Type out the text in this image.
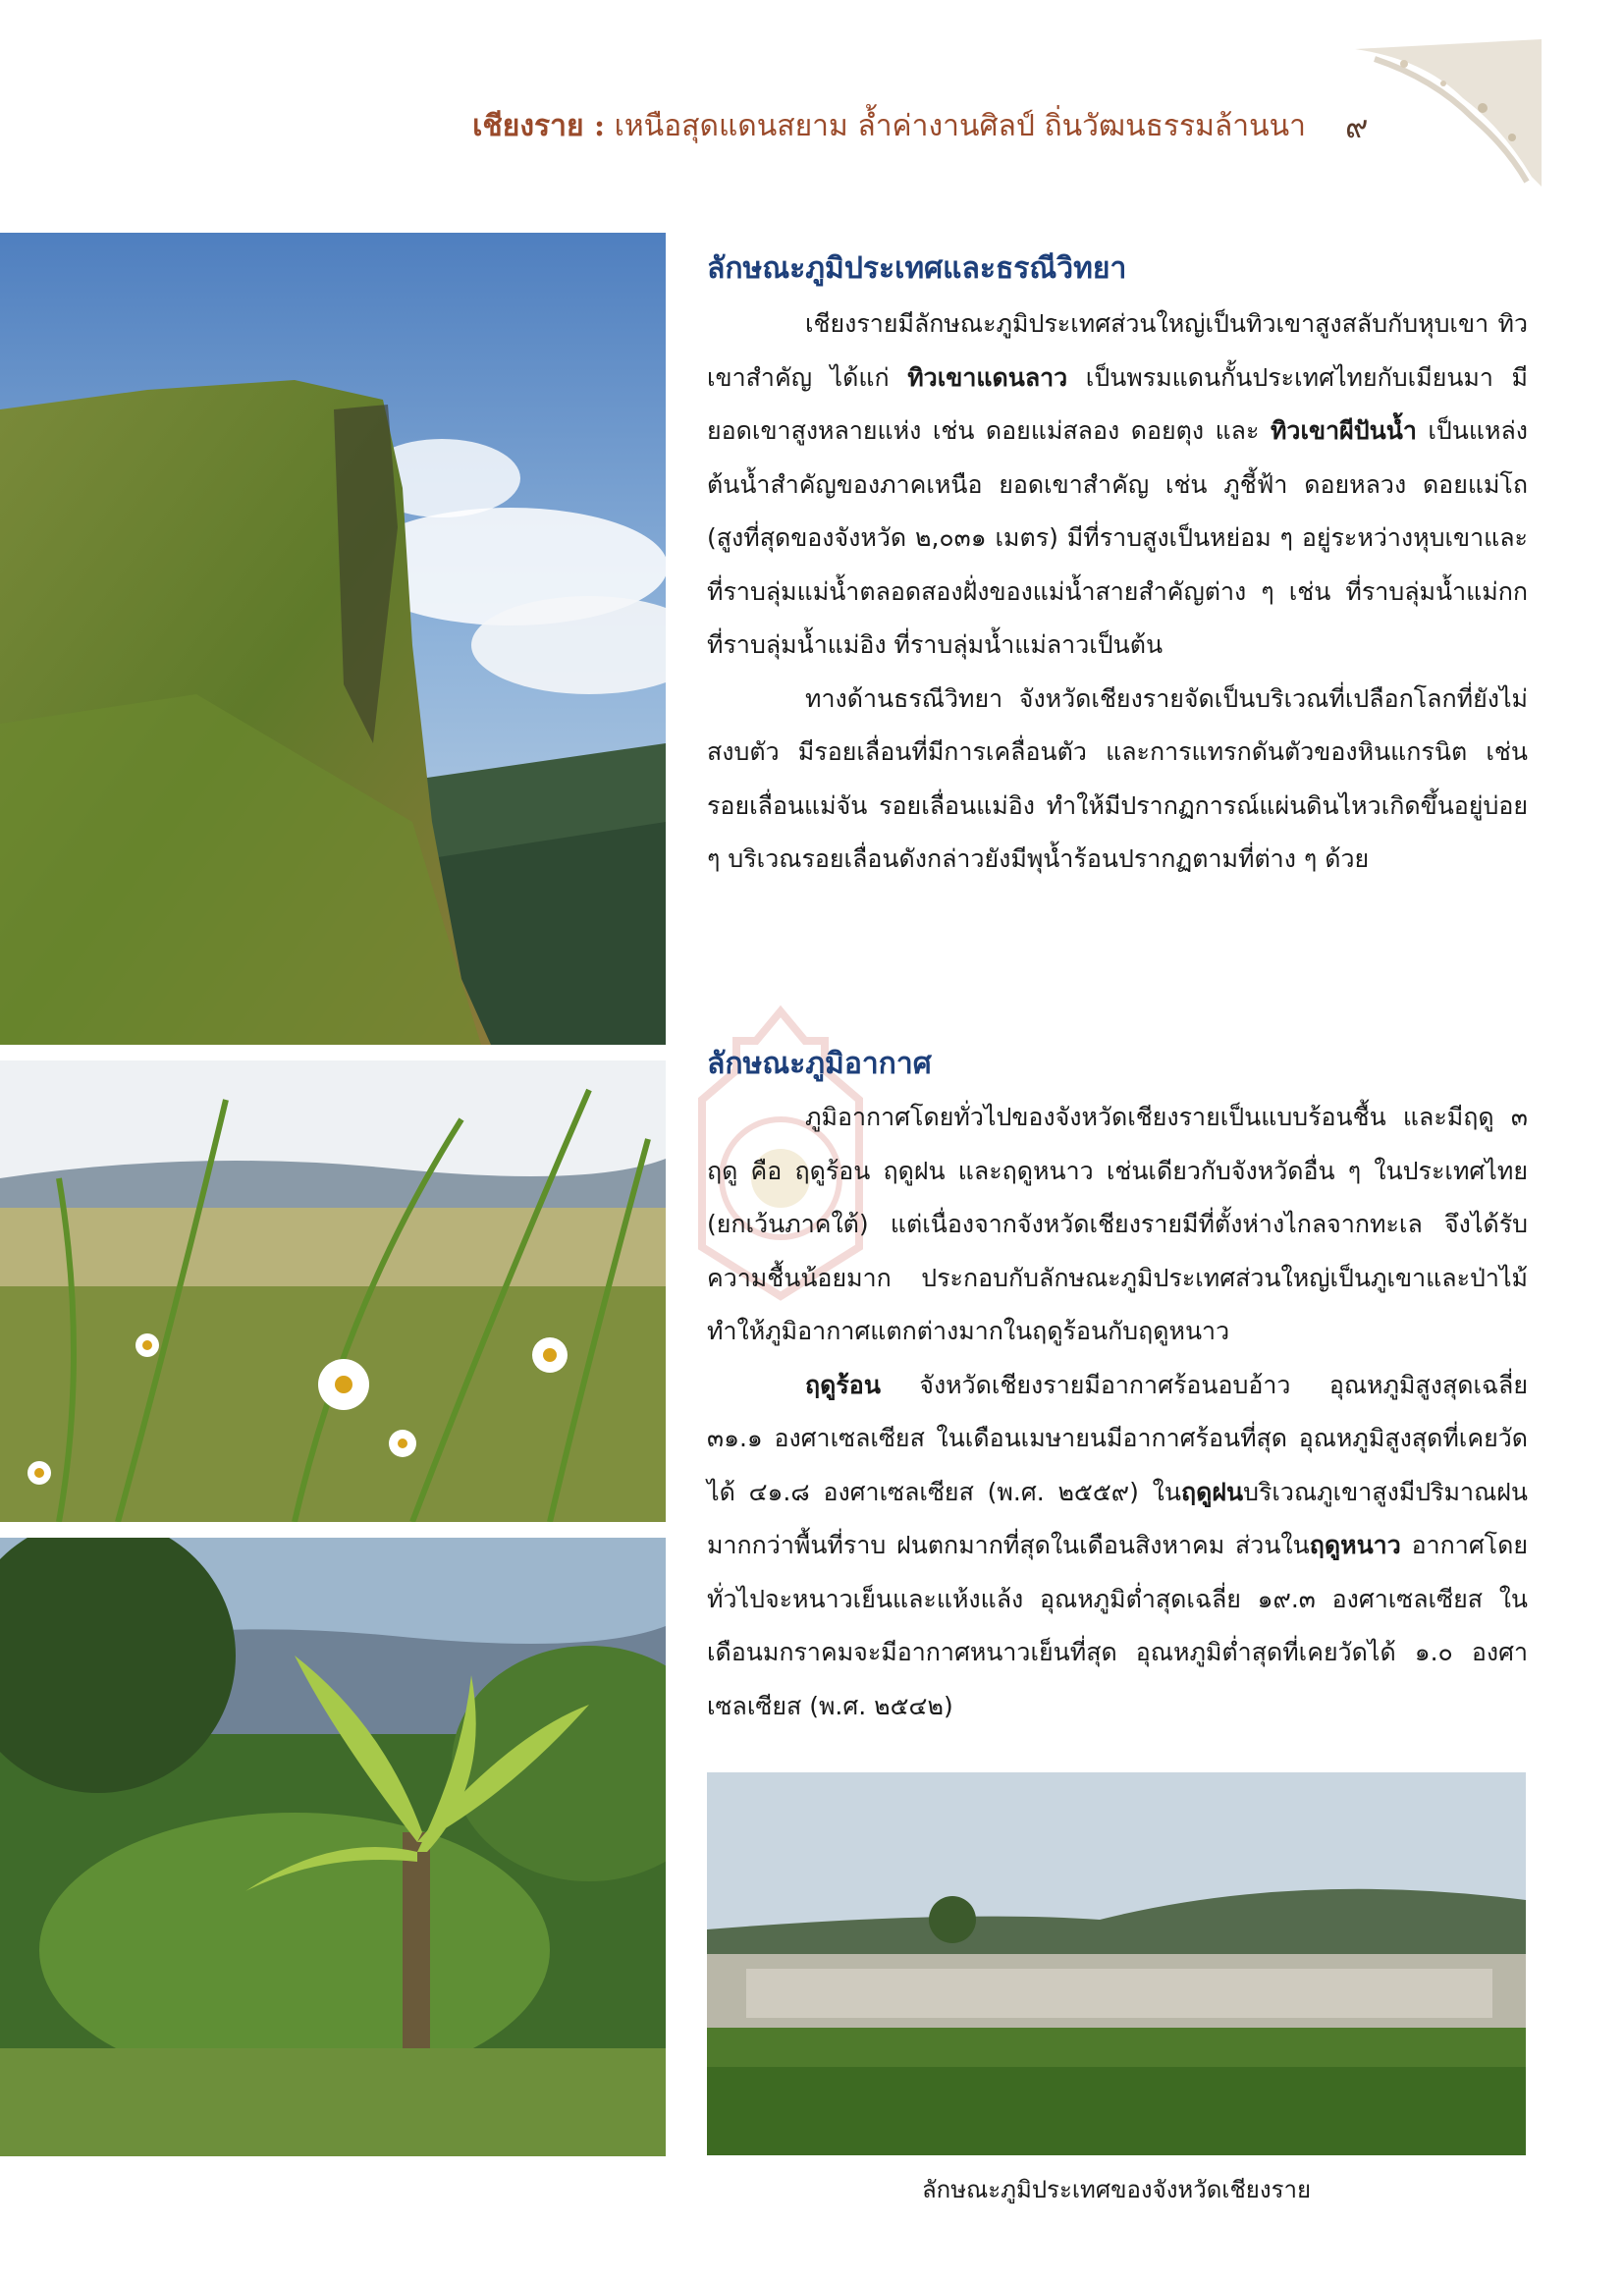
เชียงราย : เหนือสุดแดนสยาม ล้ำค่างานศิลป์ ถิ่นวัฒนธรรมล้านนา ๙
ลักษณะภูมิประเทศและธรณีวิทยา

เชียงรายมีลักษณะภูมิประเทศส่วนใหญ่เป็นทิวเขาสูงสลับกับหุบเขา ทิวเขาสำคัญ ได้แก่ ทิวเขาแดนลาว เป็นพรมแดนกั้นประเทศไทยกับเมียนมา มียอดเขาสูงหลายแห่ง เช่น ดอยแม่สลอง ดอยตุง และ ทิวเขาผีปันน้ำ เป็นแหล่งต้นน้ำสำคัญของภาคเหนือ ยอดเขาสำคัญ เช่น ภูชี้ฟ้า ดอยหลวง ดอยแม่โถ (สูงที่สุดของจังหวัด ๒,๐๓๑ เมตร) มีที่ราบสูงเป็นหย่อม ๆ อยู่ระหว่างหุบเขาและที่ราบลุ่มแม่น้ำตลอดสองฝั่งของแม่น้ำสายสำคัญต่าง ๆ เช่น ที่ราบลุ่มน้ำแม่กก ที่ราบลุ่มน้ำแม่อิง ที่ราบลุ่มน้ำแม่ลาวเป็นต้น

ทางด้านธรณีวิทยา จังหวัดเชียงรายจัดเป็นบริเวณที่เปลือกโลกที่ยังไม่สงบตัว มีรอยเลื่อนที่มีการเคลื่อนตัว และการแทรกดันตัวของหินแกรนิต เช่น รอยเลื่อนแม่จัน รอยเลื่อนแม่อิง ทำให้มีปรากฏการณ์แผ่นดินไหวเกิดขึ้นอยู่บ่อย ๆ บริเวณรอยเลื่อนดังกล่าวยังมีพุน้ำร้อนปรากฏตามที่ต่าง ๆ ด้วย

ลักษณะภูมิอากาศ

ภูมิอากาศโดยทั่วไปของจังหวัดเชียงรายเป็นแบบร้อนชื้น และมีฤดู ๓ ฤดู คือ ฤดูร้อน ฤดูฝน และฤดูหนาว เช่นเดียวกับจังหวัดอื่น ๆ ในประเทศไทย (ยกเว้นภาคใต้) แต่เนื่องจากจังหวัดเชียงรายมีที่ตั้งห่างไกลจากทะเล จึงได้รับความชื้นน้อยมาก ประกอบกับลักษณะภูมิประเทศส่วนใหญ่เป็นภูเขาและป่าไม้ ทำให้ภูมิอากาศแตกต่างมากในฤดูร้อนกับฤดูหนาว

ฤดูร้อน จังหวัดเชียงรายมีอากาศร้อนอบอ้าว อุณหภูมิสูงสุดเฉลี่ย ๓๑.๑ องศาเซลเซียส ในเดือนเมษายนมีอากาศร้อนที่สุด อุณหภูมิสูงสุดที่เคยวัดได้ ๔๑.๘ องศาเซลเซียส (พ.ศ. ๒๕๕๙) ในฤดูฝนบริเวณภูเขาสูงมีปริมาณฝนมากกว่าพื้นที่ราบ ฝนตกมากที่สุดในเดือนสิงหาคม ส่วนในฤดูหนาว อากาศโดยทั่วไปจะหนาวเย็นและแห้งแล้ง อุณหภูมิต่ำสุดเฉลี่ย ๑๙.๓ องศาเซลเซียส ในเดือนมกราคมจะมีอากาศหนาวเย็นที่สุด อุณหภูมิต่ำสุดที่เคยวัดได้ ๑.๐ องศาเซลเซียส (พ.ศ. ๒๕๔๒)

ลักษณะภูมิประเทศของจังหวัดเชียงราย
